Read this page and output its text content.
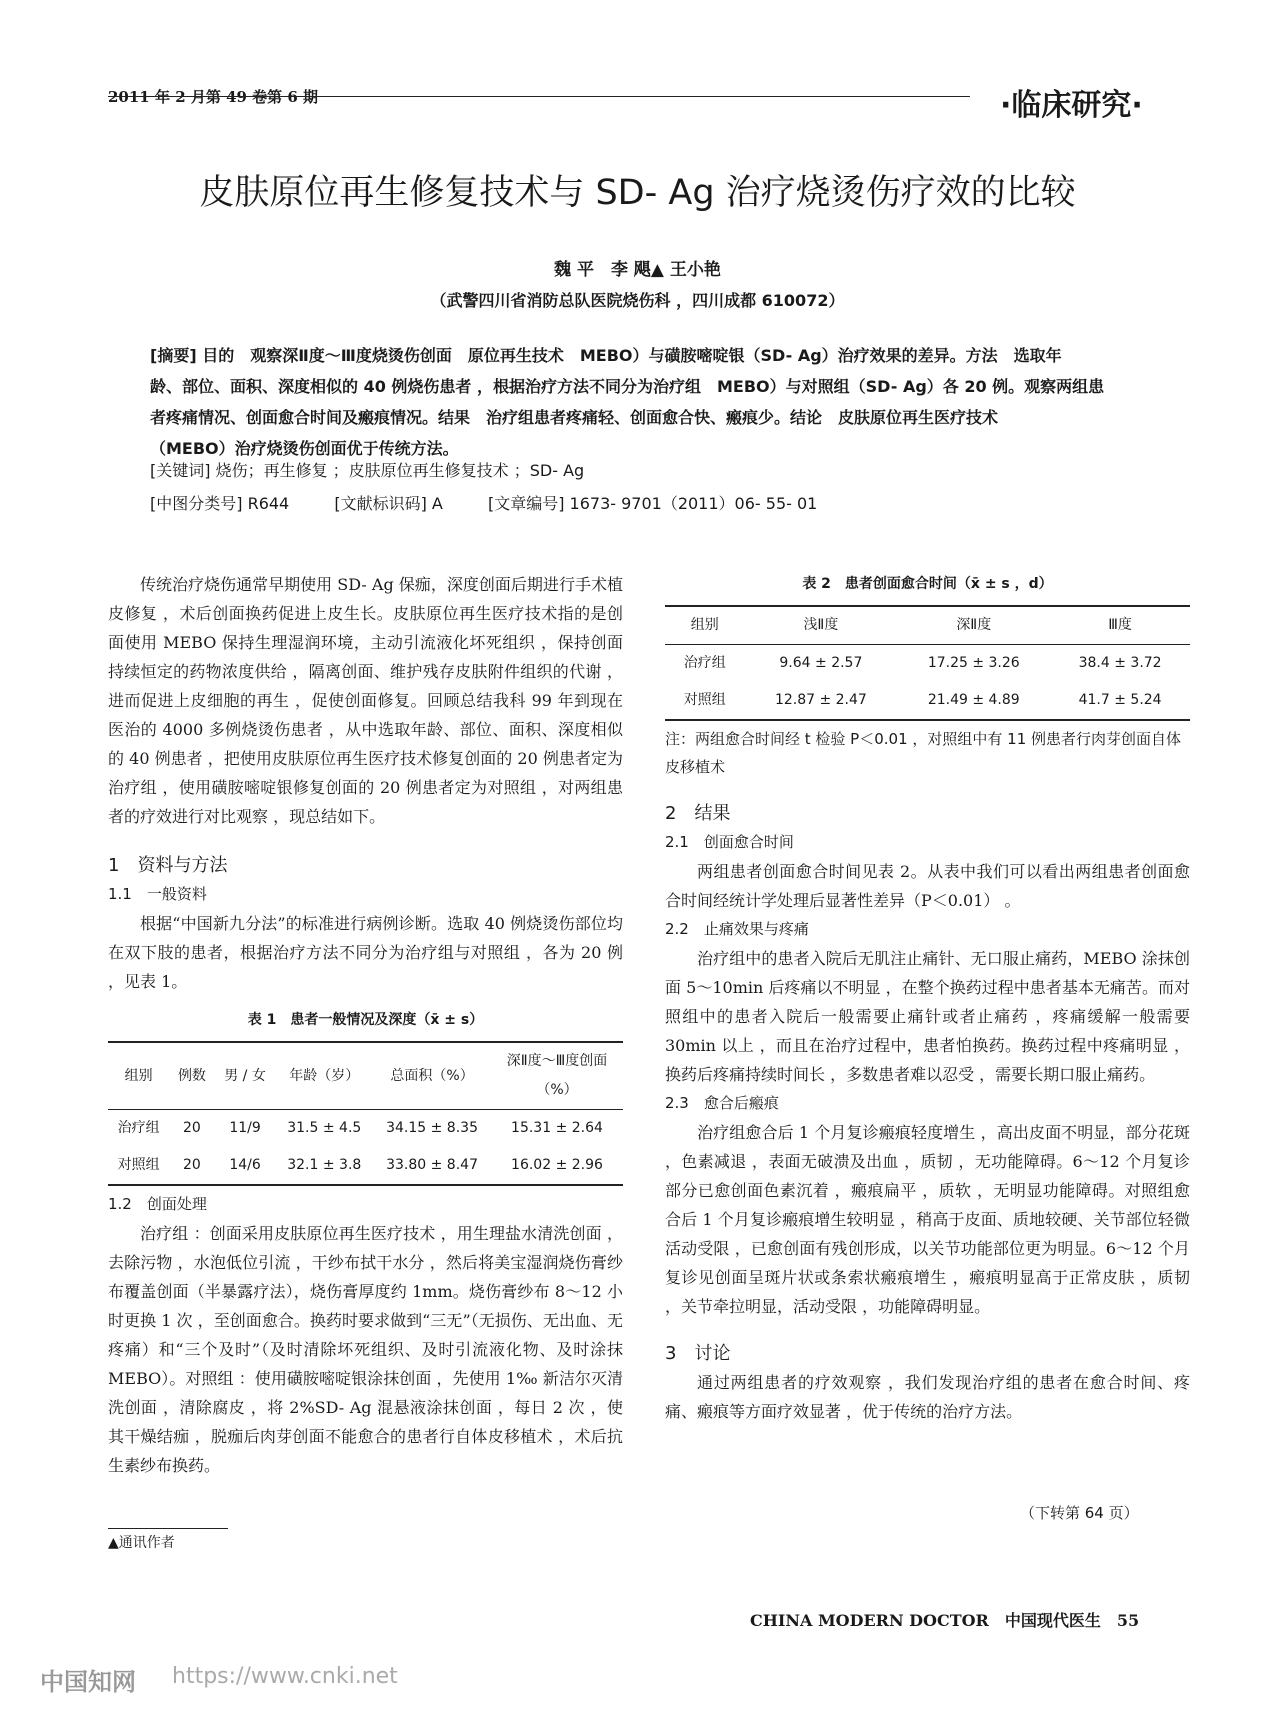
2011 年 2 月第 49 卷第 6 期	·临床研究·
皮肤原位再生修复技术与 SD- Ag 治疗烧烫伤疗效的比较
魏 平　李 飓▲ 王小艳
（武警四川省消防总队医院烧伤科 ，四川成都 610072）

[摘要] 目的　观察深Ⅱ度～Ⅲ度烧烫伤创面　原位再生技术　MEBO）与磺胺嘧啶银（SD- Ag）治疗效果的差异。方法　选取年

龄、部位、面积、深度相似的 40 例烧伤患者 ，根据治疗方法不同分为治疗组　MEBO）与对照组（SD- Ag）各 20 例。观察两组患

者疼痛情况、创面愈合时间及瘢痕情况。结果　治疗组患者疼痛轻、创面愈合快、瘢痕少。结论　皮肤原位再生医疗技术

（MEBO）治疗烧烫伤创面优于传统方法。

[关键词] 烧伤；再生修复 ；皮肤原位再生修复技术 ；SD- Ag
[中图分类号] R644	[文献标识码] A	[文章编号] 1673- 9701（2011）06- 55- 01

传统治疗烧伤通常早期使用 SD- Ag 保痂，深度创面后期进行手术植皮修复 ，术后创面换药促进上皮生长。皮肤原位再生医疗技术指的是创面使用 MEBO 保持生理湿润环境，主动引流液化坏死组织 ，保持创面持续恒定的药物浓度供给 ，隔离创面、维护残存皮肤附件组织的代谢 ，进而促进上皮细胞的再生 ，促使创面修复。回顾总结我科 99 年到现在医治的 4000 多例烧烫伤患者 ，从中选取年龄、部位、面积、深度相似的 40 例患者 ，把使用皮肤原位再生医疗技术修复创面的 20 例患者定为治疗组 ，使用磺胺嘧啶银修复创面的 20 例患者定为对照组 ，对两组患者的疗效进行对比观察 ，现总结如下。

1　资料与方法
1.1　一般资料

根据“中国新九分法”的标准进行病例诊断。选取 40 例烧烫伤部位均在双下肢的患者，根据治疗方法不同分为治疗组与对照组 ，各为 20 例 ，见表 1。

表 1　患者一般情况及深度（x̄ ± s）
组别	例数	男 / 女	年龄（岁）	总面积（%）	深Ⅱ度～Ⅲ度创面（%）
治疗组	20	11/9	31.5 ± 4.5	34.15 ± 8.35	15.31 ± 2.64
对照组	20	14/6	32.1 ± 3.8	33.80 ± 8.47	16.02 ± 2.96
1.2　创面处理

治疗组 ：创面采用皮肤原位再生医疗技术 ，用生理盐水清洗创面 ，去除污物 ，水泡低位引流 ，干纱布拭干水分 ，然后将美宝湿润烧伤膏纱布覆盖创面（半暴露疗法），烧伤膏厚度约 1mm。烧伤膏纱布 8～12 小时更换 1 次 ，至创面愈合。换药时要求做到“三无”（无损伤、无出血、无疼痛）和“三个及时”（及时清除坏死组织、及时引流液化物、及时涂抹 MEBO）。对照组 ：使用磺胺嘧啶银涂抹创面 ，先使用 1‰ 新洁尔灭清洗创面 ，清除腐皮 ，将 2%SD- Ag 混悬液涂抹创面 ，每日 2 次 ，使其干燥结痂 ，脱痂后肉芽创面不能愈合的患者行自体皮移植术 ，术后抗生素纱布换药。

▲通讯作者
表 2　患者创面愈合时间（x̄ ± s ，d）
组别	浅Ⅱ度	深Ⅱ度	Ⅲ度
治疗组	9.64 ± 2.57	17.25 ± 3.26	38.4 ± 3.72
对照组	12.87 ± 2.47	21.49 ± 4.89	41.7 ± 5.24
注：两组愈合时间经 t 检验 P＜0.01 ，对照组中有 11 例患者行肉芽创面自体皮移植术
2　结果
2.1　创面愈合时间

两组患者创面愈合时间见表 2。从表中我们可以看出两组患者创面愈合时间经统计学处理后显著性差异（P＜0.01） 。

2.2　止痛效果与疼痛

治疗组中的患者入院后无肌注止痛针、无口服止痛药，MEBO 涂抹创面 5～10min 后疼痛以不明显 ，在整个换药过程中患者基本无痛苦。而对照组中的患者入院后一般需要止痛针或者止痛药 ，疼痛缓解一般需要 30min 以上 ，而且在治疗过程中，患者怕换药。换药过程中疼痛明显 ，换药后疼痛持续时间长 ，多数患者难以忍受 ，需要长期口服止痛药。

2.3　愈合后瘢痕

治疗组愈合后 1 个月复诊瘢痕轻度增生 ，高出皮面不明显，部分花斑 ，色素减退 ，表面无破溃及出血 ，质韧 ，无功能障碍。6～12 个月复诊部分已愈创面色素沉着 ，瘢痕扁平 ，质软 ，无明显功能障碍。对照组愈合后 1 个月复诊瘢痕增生较明显 ，稍高于皮面、质地较硬、关节部位轻微活动受限 ，已愈创面有残创形成，以关节功能部位更为明显。6～12 个月复诊见创面呈斑片状或条索状瘢痕增生 ，瘢痕明显高于正常皮肤 ，质韧 ，关节牵拉明显，活动受限 ，功能障碍明显。

3　讨论

通过两组患者的疗效观察 ，我们发现治疗组的患者在愈合时间、疼痛、瘢痕等方面疗效显著 ，优于传统的治疗方法。

（下转第 64 页）
CHINA MODERN DOCTOR　中国现代医生　55
中国知网 https://www.cnki.net
